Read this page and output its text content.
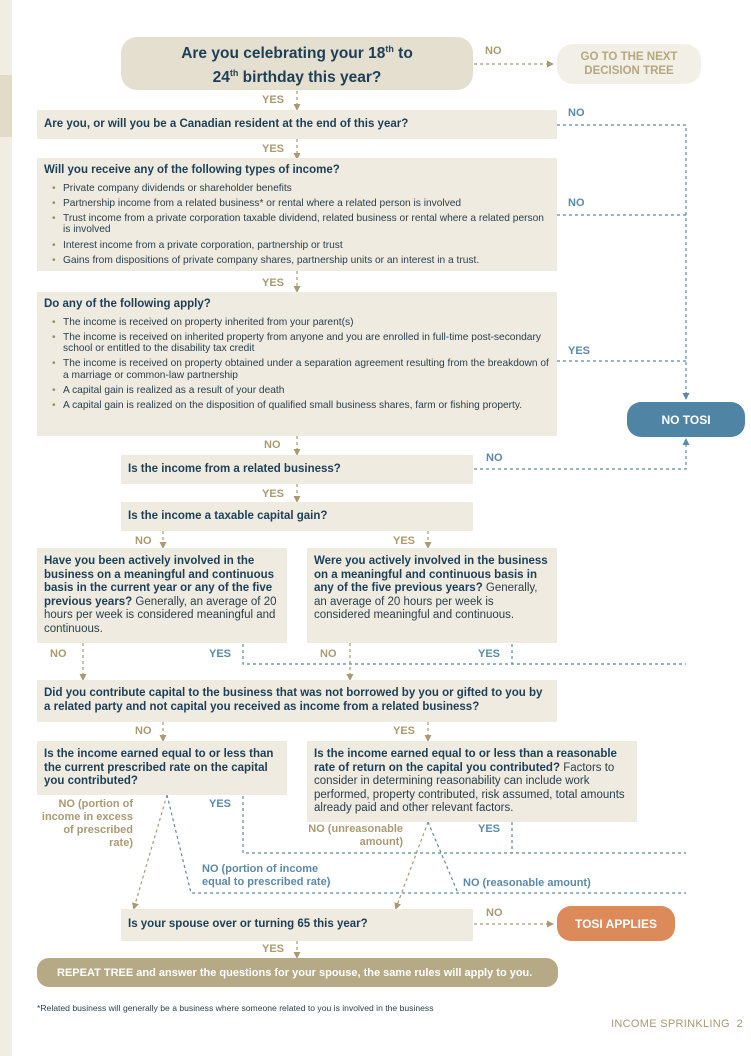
Are you celebrating your 18th to
24th birthday this year?
GO TO THE NEXT DECISION TREE
Are you, or will you be a Canadian resident at the end of this year?
Will you receive any of the following types of income?
• Private company dividends or shareholder benefits
• Partnership income from a related business* or rental where a related person is involved
• Trust income from a private corporation taxable dividend, related business or rental where a related person is involved
• Interest income from a private corporation, partnership or trust
• Gains from dispositions of private company shares, partnership units or an interest in a trust.
Do any of the following apply?
• The income is received on property inherited from your parent(s)
• The income is received on inherited property from anyone and you are enrolled in full-time post-secondary school or entitled to the disability tax credit
• The income is received on property obtained under a separation agreement resulting from the breakdown of a marriage or common-law partnership
• A capital gain is realized as a result of your death
• A capital gain is realized on the disposition of qualified small business shares, farm or fishing property.
NO TOSI
Is the income from a related business?
Is the income a taxable capital gain?
Have you been actively involved in the business on a meaningful and continuous basis in the current year or any of the five previous years? Generally, an average of 20 hours per week is considered meaningful and continuous.
Were you actively involved in the business on a meaningful and continuous basis in any of the five previous years? Generally, an average of 20 hours per week is considered meaningful and continuous.
Did you contribute capital to the business that was not borrowed by you or gifted to you by a related party and not capital you received as income from a related business?
Is the income earned equal to or less than the current prescribed rate on the capital you contributed?
Is the income earned equal to or less than a reasonable rate of return on the capital you contributed? Factors to consider in determining reasonability can include work performed, property contributed, risk assumed, total amounts already paid and other relevant factors.
Is your spouse over or turning 65 this year?	TOSI APPLIES
REPEAT TREE and answer the questions for your spouse, the same rules will apply to you.
NO
YES
NO
YES
NO
YES
YES
NO
NO
YES
NO	YES
NO	YES	NO	YES
NO	YES
NO (portion of income in excess of prescribed rate)
YES
NO (unreasonable amount)
YES
NO (portion of income equal to prescribed rate)	NO (reasonable amount)
NO
YES
*Related business will generally be a business where someone related to you is involved in the business
INCOME SPRINKLING 2
